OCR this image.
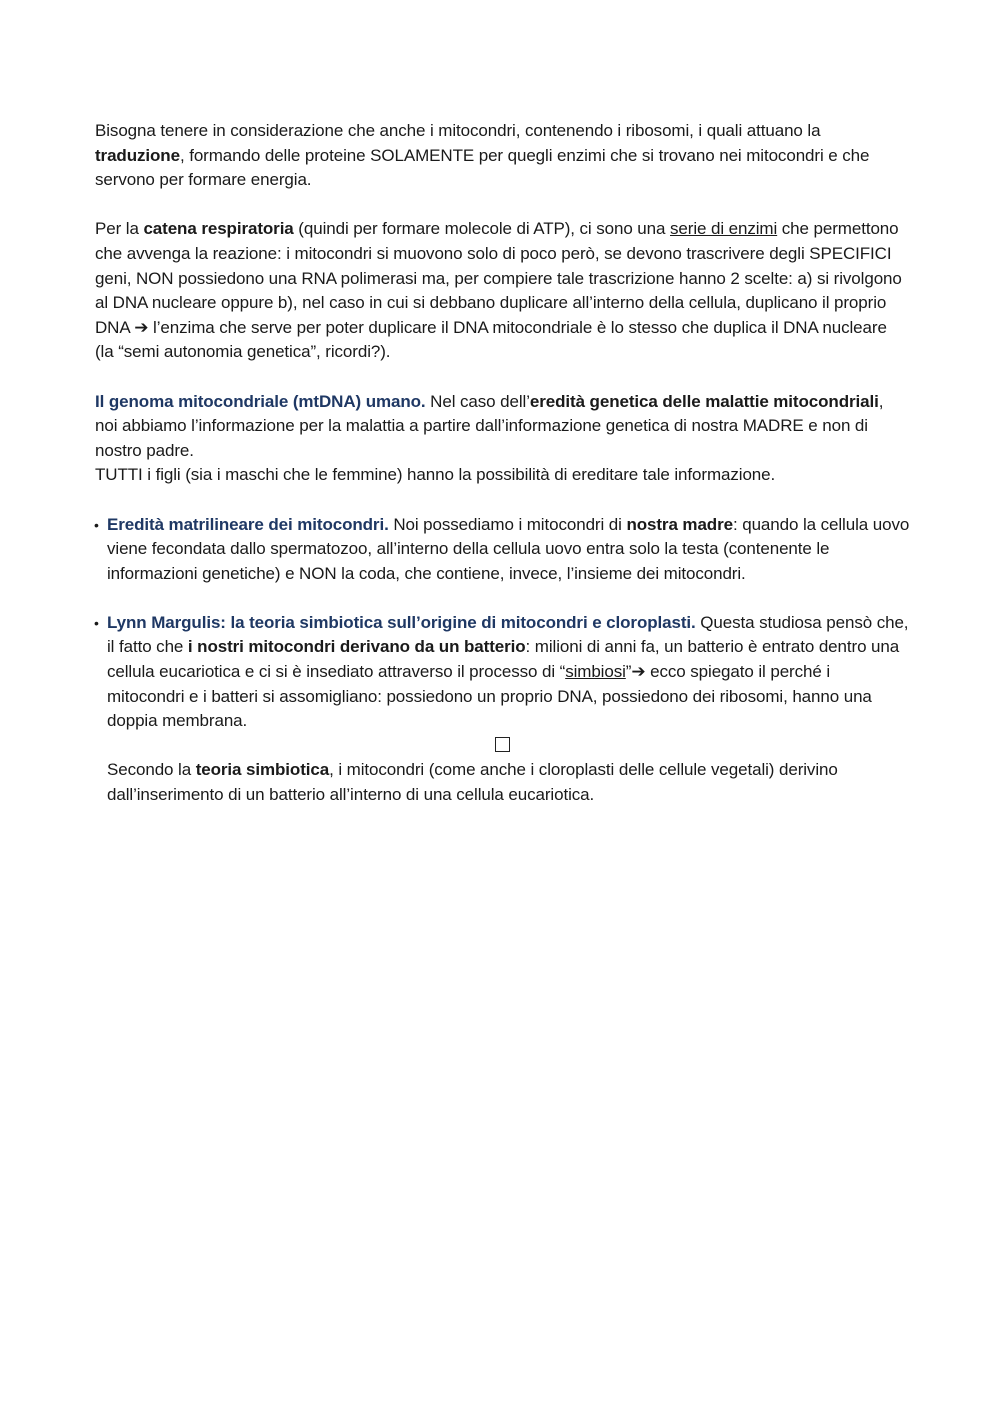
Bisogna tenere in considerazione che anche i mitocondri, contenendo i ribosomi, i quali attuano la traduzione, formando delle proteine SOLAMENTE per quegli enzimi che si trovano nei mitocondri e che servono per formare energia.

Per la catena respiratoria (quindi per formare molecole di ATP), ci sono una serie di enzimi che permettono che avvenga la reazione: i mitocondri si muovono solo di poco però, se devono trascrivere degli SPECIFICI geni, NON possiedono una RNA polimerasi ma, per compiere tale trascrizione hanno 2 scelte: a) si rivolgono al DNA nucleare oppure b), nel caso in cui si debbano duplicare all’interno della cellula, duplicano il proprio DNA ➔ l’enzima che serve per poter duplicare il DNA mitocondriale è lo stesso che duplica il DNA nucleare (la “semi autonomia genetica”, ricordi?).

Il genoma mitocondriale (mtDNA) umano. Nel caso dell’eredità genetica delle malattie mitocondriali, noi abbiamo l’informazione per la malattia a partire dall’informazione genetica di nostra MADRE e non di nostro padre.
TUTTI i figli (sia i maschi che le femmine) hanno la possibilità di ereditare tale informazione.

• Eredità matrilineare dei mitocondri. Noi possediamo i mitocondri di nostra madre: quando la cellula uovo viene fecondata dallo spermatozoo, all’interno della cellula uovo entra solo la testa (contenente le informazioni genetiche) e NON la coda, che contiene, invece, l’insieme dei mitocondri.
• Lynn Margulis: la teoria simbiotica sull’origine di mitocondri e cloroplasti. Questa studiosa pensò che, il fatto che i nostri mitocondri derivano da un batterio: milioni di anni fa, un batterio è entrato dentro una cellula eucariotica e ci si è insediato attraverso il processo di “simbiosi”➔ ecco spiegato il perché i mitocondri e i batteri si assomigliano: possiedono un proprio DNA, possiedono dei ribosomi, hanno una doppia membrana.

Secondo la teoria simbiotica, i mitocondri (come anche i cloroplasti delle cellule vegetali) derivino dall’inserimento di un batterio all’interno di una cellula eucariotica.
